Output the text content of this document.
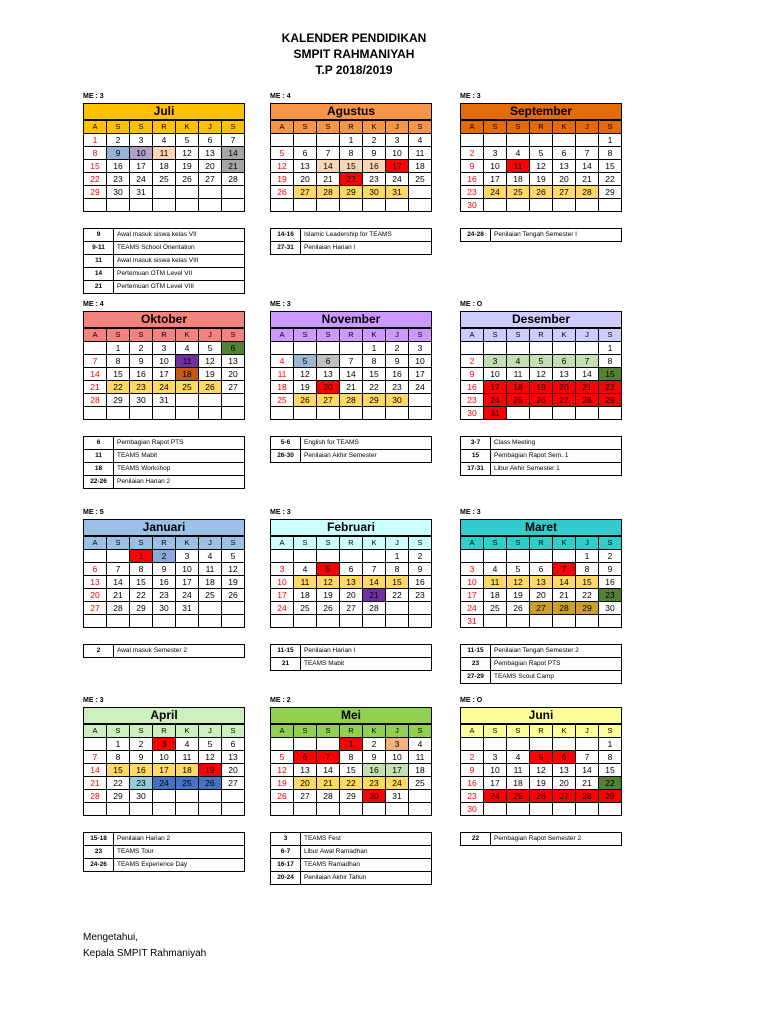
KALENDER PENDIDIKAN
SMPIT RAHMANIYAH
T.P 2018/2019
ME : 3
Juli
A	S	S	R	K	J	S
1	2	3	4	5	6	7
8	9	10	11	12	13	14
15	16	17	18	19	20	21
22	23	24	25	26	27	28
29	30	31				

9	Awal masuk siswa kelas VII
9-11	TEAMS School Orientation
11	Awal masuk siswa kelas VIII
14	Pertemuan OTM Level VII
21	Pertemuan OTM Level VIII
ME : 4
Agustus
A	S	S	R	K	J	S
			1	2	3	4
5	6	7	8	9	10	11
12	13	14	15	16	17	18
19	20	21	22	23	24	25
26	27	28	29	30	31	

14-16	Islamic Leadership for TEAMS
27-31	Penilaian Harian I
ME : 3
September
A	S	S	R	K	J	S
						1
2	3	4	5	6	7	8
9	10	11	12	13	14	15
16	17	18	19	20	21	22
23	24	25	26	27	28	29
30						
24-28	Penilaian Tengah Semester I
ME : 4
Oktober
A	S	S	R	K	J	S
	1	2	3	4	5	6
7	8	9	10	11	12	13
14	15	16	17	18	19	20
21	22	23	24	25	26	27
28	29	30	31			

6	Pembagian Rapot PTS
11	TEAMS Mabit
18	TEAMS Workshop
22-26	Penilaian Harian 2
ME : 3
November
A	S	S	R	K	J	S
				1	2	3
4	5	6	7	8	9	10
11	12	13	14	15	16	17
18	19	20	21	22	23	24
25	26	27	28	29	30	

5-6	English for TEAMS
26-30	Penilaian Akhir Semester
ME : O
Desember
A	S	S	R	K	J	S
						1
2	3	4	5	6	7	8
9	10	11	12	13	14	15
16	17	18	19	20	21	22
23	24	25	26	27	28	29
30	31					
3-7	Class Meeting
15	Pembagian Rapot Sem. 1
17-31	Libur Akhir Semester 1
ME : 5
Januari
A	S	S	R	K	J	S
		1	2	3	4	5
6	7	8	9	10	11	12
13	14	15	16	17	18	19
20	21	22	23	24	25	26
27	28	29	30	31		

2	Awal masuk Semester 2
ME : 3
Februari
A	S	S	R	K	J	S
					1	2
3	4	5	6	7	8	9
10	11	12	13	14	15	16
17	18	19	20	21	22	23
24	25	26	27	28		

11-15	Penilaian Harian I
21	TEAMS Mabit
ME : 3
Maret
A	S	S	R	K	J	S
					1	2
3	4	5	6	7	8	9
10	11	12	13	14	15	16
17	18	19	20	21	22	23
24	25	26	27	28	29	30
31						
11-15	Penilaian Tengah Semester 2
23	Pembagian Rapot PTS
27-29	TEAMS Scout Camp
ME : 3
April
A	S	S	R	K	J	S
	1	2	3	4	5	6
7	8	9	10	11	12	13
14	15	16	17	18	19	20
21	22	23	24	25	26	27
28	29	30				

15-18	Penilaian Harian 2
23	TEAMS Tour
24-26	TEAMS Experience Day
ME : 2
Mei
A	S	S	R	K	J	S
			1	2	3	4
5	6	7	8	9	10	11
12	13	14	15	16	17	18
19	20	21	22	23	24	25
26	27	28	29	30	31	

3	TEAMS Fest
6-7	Libur Awal Ramadhan
16-17	TEAMS Ramadhan
20-24	Penilaian Akhir Tahun
ME : O
Juni
A	S	S	R	K	J	S
						1
2	3	4	5	6	7	8
9	10	11	12	13	14	15
16	17	18	19	20	21	22
23	24	25	26	27	28	29
30						
22	Pembagian Rapot Semester 2
Mengetahui,
Kepala SMPIT Rahmaniyah
